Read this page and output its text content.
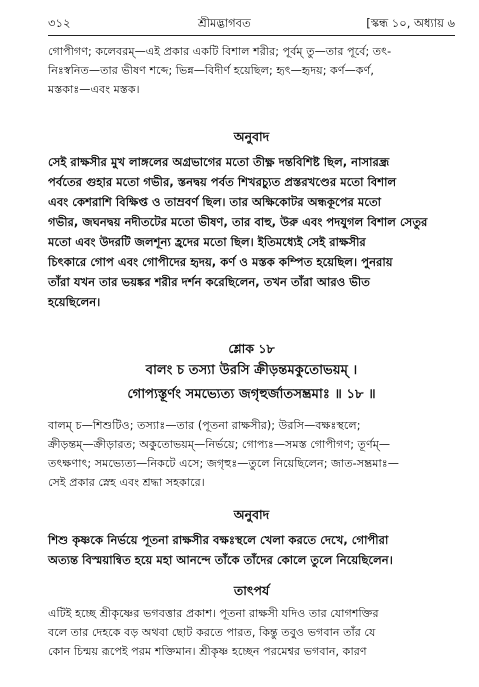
৩১২	শ্রীমদ্ভাগবত	[স্কন্ধ ১০, অধ্যায় ৬

গোপীগণ; কলেবরম্—এই প্রকার একটি বিশাল শরীর; পূর্বম্ তু—তার পূর্বে; তৎ-

নিঃস্বনিত—তার ভীষণ শব্দে; ভিন্ন—বিদীর্ণ হয়েছিল; হৃৎ—হৃদয়; কর্ণ—কর্ণ,

মস্তকাঃ—এবং মস্তক।

অনুবাদ

সেই রাক্ষসীর মুখ লাঙ্গলের অগ্রভাগের মতো তীক্ষ্ণ দন্তবিশিষ্ট ছিল, নাসারন্ধ্র

পর্বতের গুহার মতো গভীর, স্তনদ্বয় পর্বত শিখরচ্যুত প্রস্তরখণ্ডের মতো বিশাল

এবং কেশরাশি বিক্ষিপ্ত ও তাম্রবর্ণ ছিল। তার অক্ষিকোটর অন্ধকূপের মতো

গভীর, জঘনদ্বয় নদীতটের মতো ভীষণ, তার বাহু, উরু এবং পদযুগল বিশাল সেতুর

মতো এবং উদরটি জলশূন্য হ্রদের মতো ছিল। ইতিমধ্যেই সেই রাক্ষসীর

চিৎকারে গোপ এবং গোপীদের হৃদয়, কর্ণ ও মস্তক কম্পিত হয়েছিল। পুনরায়

তাঁরা যখন তার ভয়ঙ্কর শরীর দর্শন করেছিলেন, তখন তাঁরা আরও ভীত

হয়েছিলেন।

শ্লোক ১৮
বালং চ তস্যা উরসি ক্রীড়ন্তমকুতোভয়ম্ ।
গোপ্যস্তূর্ণং সমভ্যেত্য জগৃহুর্জাতসম্ভ্রমাঃ ॥ ১৮ ॥

বালম্ চ—শিশুটিও; তস্যাঃ—তার (পূতনা রাক্ষসীর); উরসি—বক্ষঃস্থলে;

ক্রীড়ন্তম্—ক্রীড়ারত; অকুতোভয়ম্—নির্ভয়ে; গোপ্যঃ—সমস্ত গোপীগণ; তূর্ণম্—

তৎক্ষণাৎ; সমভ্যেত্য—নিকটে এসে; জগৃহুঃ—তুলে নিয়েছিলেন; জাত-সম্ভ্রমাঃ—

সেই প্রকার স্নেহ এবং শ্রদ্ধা সহকারে।

অনুবাদ

শিশু কৃষ্ণকে নির্ভয়ে পূতনা রাক্ষসীর বক্ষঃস্থলে খেলা করতে দেখে, গোপীরা

অত্যন্ত বিস্ময়ান্বিত হয়ে মহা আনন্দে তাঁকে তাঁদের কোলে তুলে নিয়েছিলেন।

তাৎপর্য

এটিই হচ্ছে শ্রীকৃষ্ণের ভগবত্তার প্রকাশ। পূতনা রাক্ষসী যদিও তার যোগশক্তির

বলে তার দেহকে বড় অথবা ছোট করতে পারত, কিন্তু তবুও ভগবান তাঁর যে

কোন চিন্ময় রূপেই পরম শক্তিমান। শ্রীকৃষ্ণ হচ্ছেন পরমেশ্বর ভগবান, কারণ
